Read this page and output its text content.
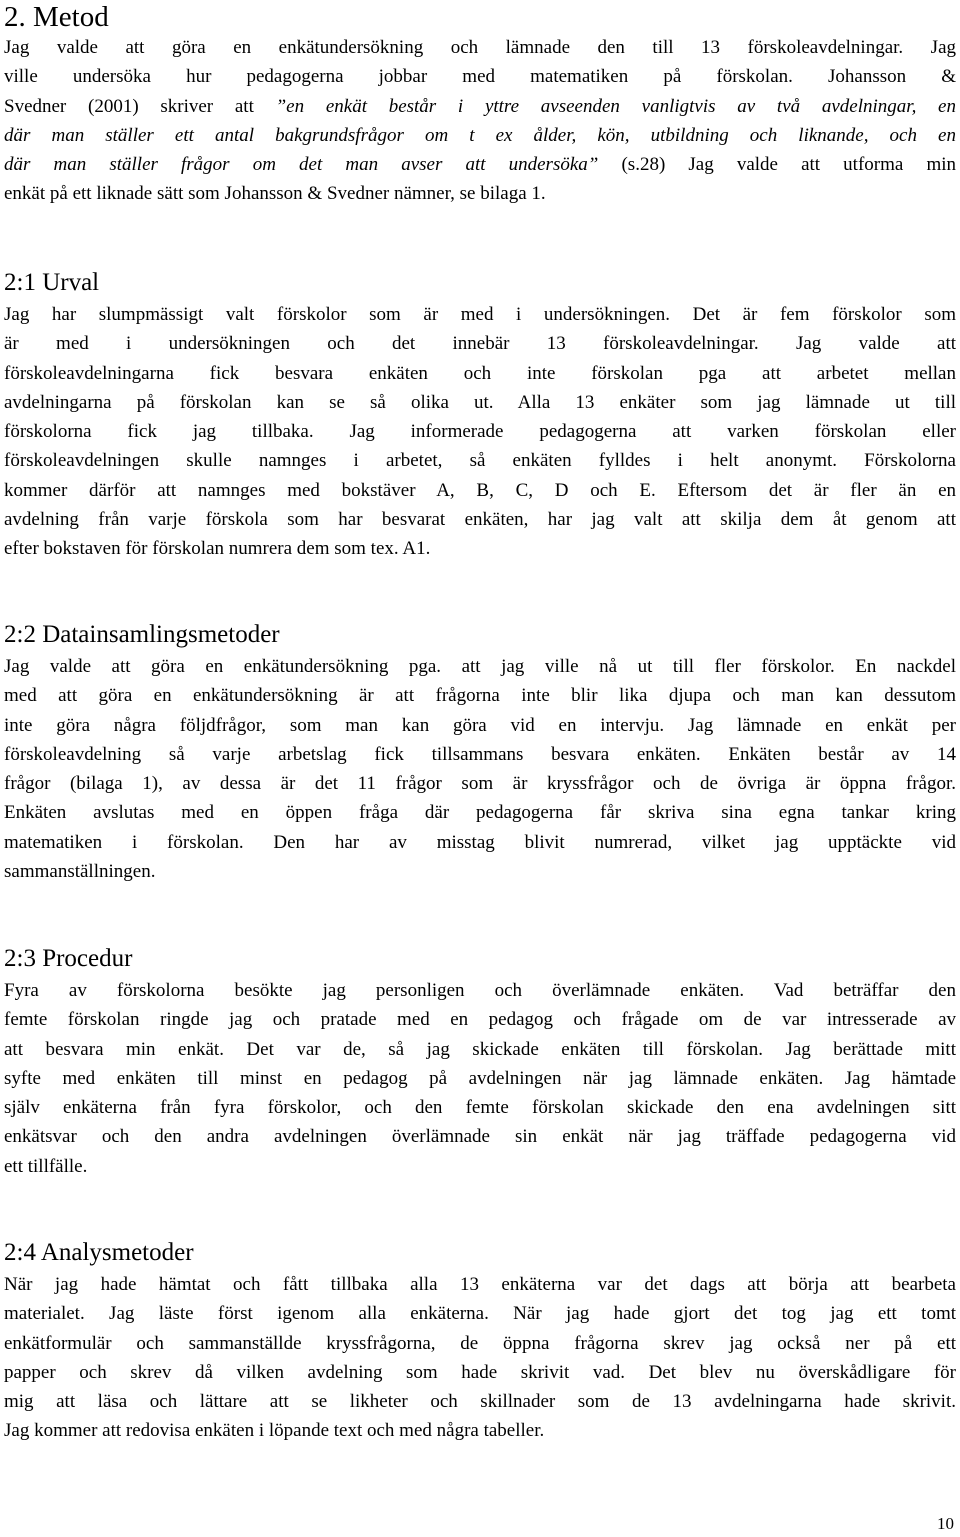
2. Metod
Jag valde att göra en enkätundersökning och lämnade den till 13 förskoleavdelningar. Jag
ville undersöka hur pedagogerna jobbar med matematiken på förskolan. Johansson &
Svedner (2001) skriver att ”en enkät består i yttre avseenden vanligtvis av två avdelningar, en
där man ställer ett antal bakgrundsfrågor om t ex ålder, kön, utbildning och liknande, och en
där man ställer frågor om det man avser att undersöka” (s.28) Jag valde att utforma min
enkät på ett liknade sätt som Johansson & Svedner nämner, se bilaga 1.
2:1 Urval
Jag har slumpmässigt valt förskolor som är med i undersökningen. Det är fem förskolor som
är med i undersökningen och det innebär 13 förskoleavdelningar. Jag valde att
förskoleavdelningarna fick besvara enkäten och inte förskolan pga att arbetet mellan
avdelningarna på förskolan kan se så olika ut. Alla 13 enkäter som jag lämnade ut till
förskolorna fick jag tillbaka. Jag informerade pedagogerna att varken förskolan eller
förskoleavdelningen skulle namnges i arbetet, så enkäten fylldes i helt anonymt. Förskolorna
kommer därför att namnges med bokstäver A, B, C, D och E. Eftersom det är fler än en
avdelning från varje förskola som har besvarat enkäten, har jag valt att skilja dem åt genom att
efter bokstaven för förskolan numrera dem som tex. A1.
2:2 Datainsamlingsmetoder
Jag valde att göra en enkätundersökning pga. att jag ville nå ut till fler förskolor. En nackdel
med att göra en enkätundersökning är att frågorna inte blir lika djupa och man kan dessutom
inte göra några följdfrågor, som man kan göra vid en intervju. Jag lämnade en enkät per
förskoleavdelning så varje arbetslag fick tillsammans besvara enkäten. Enkäten består av 14
frågor (bilaga 1), av dessa är det 11 frågor som är kryssfrågor och de övriga är öppna frågor.
Enkäten avslutas med en öppen fråga där pedagogerna får skriva sina egna tankar kring
matematiken i förskolan. Den har av misstag blivit numrerad, vilket jag upptäckte vid
sammanställningen.
2:3 Procedur
Fyra av förskolorna besökte jag personligen och överlämnade enkäten. Vad beträffar den
femte förskolan ringde jag och pratade med en pedagog och frågade om de var intresserade av
att besvara min enkät. Det var de, så jag skickade enkäten till förskolan. Jag berättade mitt
syfte med enkäten till minst en pedagog på avdelningen när jag lämnade enkäten. Jag hämtade
själv enkäterna från fyra förskolor, och den femte förskolan skickade den ena avdelningen sitt
enkätsvar och den andra avdelningen överlämnade sin enkät när jag träffade pedagogerna vid
ett tillfälle.
2:4 Analysmetoder
När jag hade hämtat och fått tillbaka alla 13 enkäterna var det dags att börja att bearbeta
materialet. Jag läste först igenom alla enkäterna. När jag hade gjort det tog jag ett tomt
enkätformulär och sammanställde kryssfrågorna, de öppna frågorna skrev jag också ner på ett
papper och skrev då vilken avdelning som hade skrivit vad. Det blev nu överskådligare för
mig att läsa och lättare att se likheter och skillnader som de 13 avdelningarna hade skrivit.
Jag kommer att redovisa enkäten i löpande text och med några tabeller.
10
